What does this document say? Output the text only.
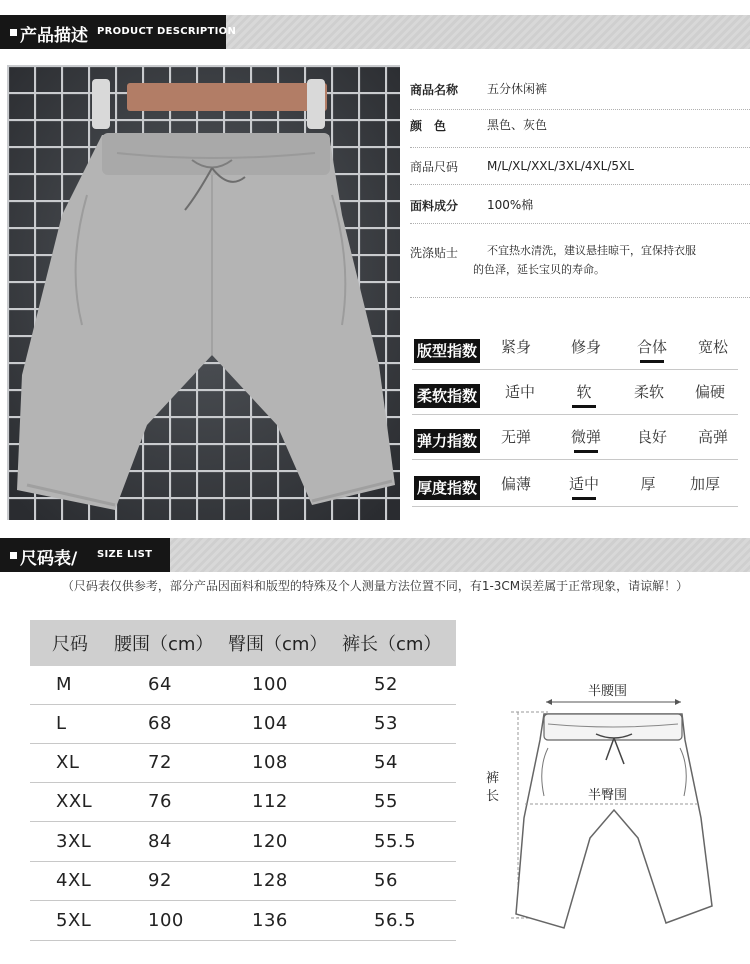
产品描述 PRODUCT DESCRIPTION
商品名称 五分休闲裤
颜　色	黑色、灰色
商品尺码 M/L/XL/XXL/3XL/4XL/5XL
面料成分 100%棉
洗涤贴士	不宜热水清洗，建议悬挂晾干，宜保持衣服
的色泽，延长宝贝的寿命。
版型指数	紧身	修身	合体	宽松
柔软指数	适中	软	柔软	偏硬
弹力指数	无弹	微弹	良好	高弹
厚度指数	偏薄	适中	厚	加厚
尺码表/ SIZE LIST
（尺码表仅供参考，部分产品因面料和版型的特殊及个人测量方法位置不同，有1-3CM误差属于正常现象，请谅解！）
尺码 腰围（cm） 臀围（cm） 裤长（cm）
M	64	100	52
L	68	104	53
XL	72	108	54
XXL	76	112	55
3XL	84	120	55.5
4XL	92	128	56
5XL	100	136	56.5
半腰围
半臀围
裤长
